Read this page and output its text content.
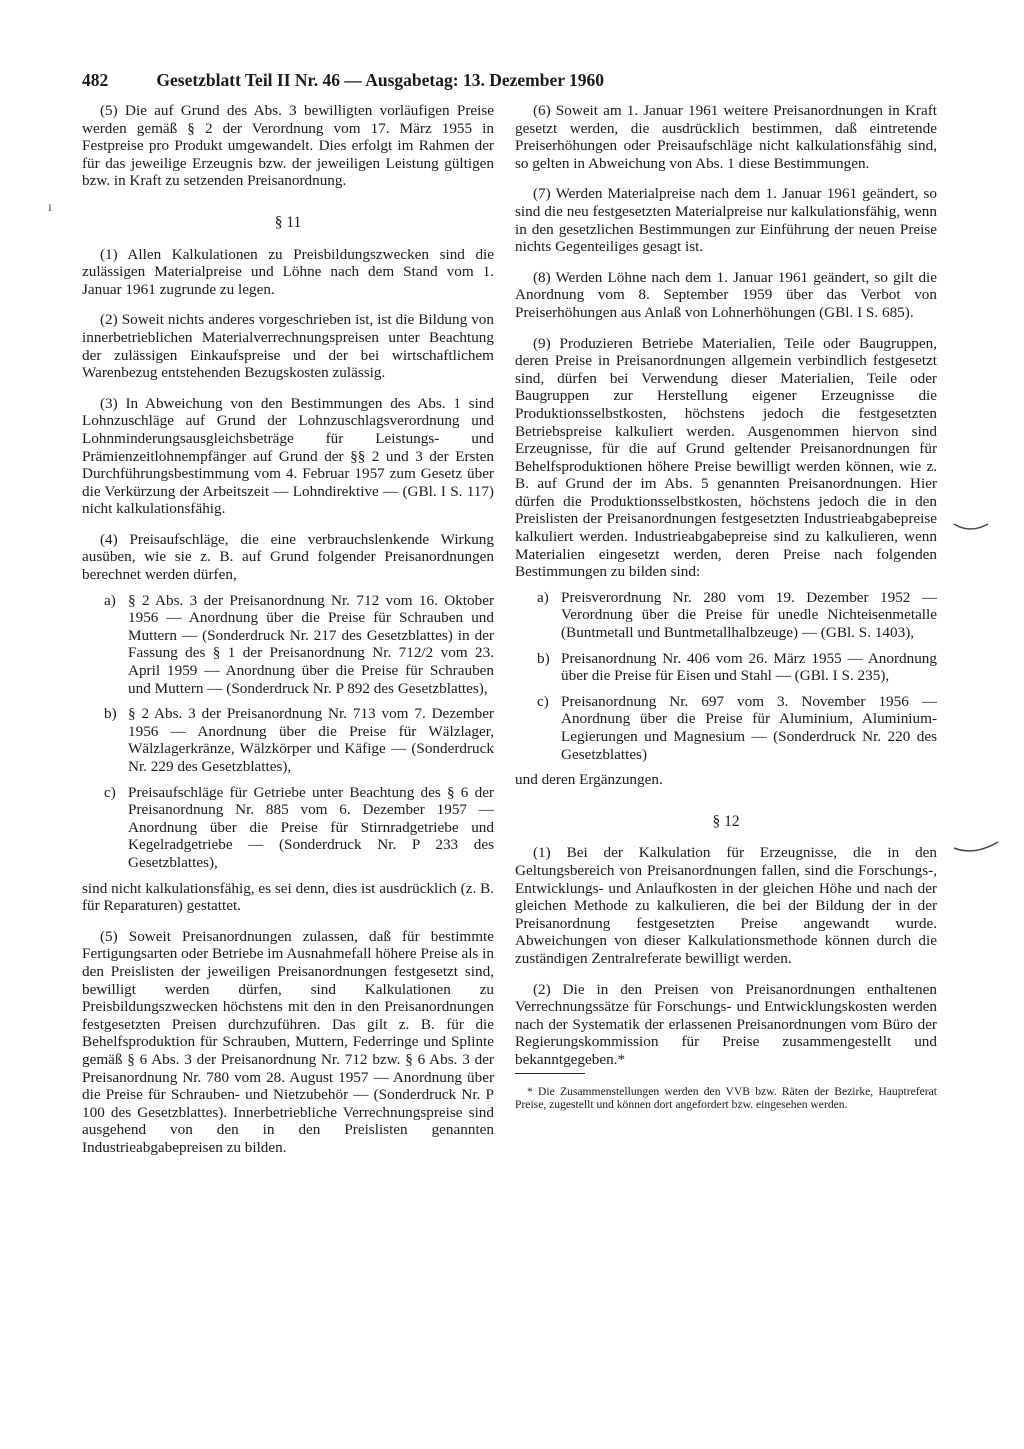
482	Gesetzblatt Teil II Nr. 46 — Ausgabetag: 13. Dezember 1960
ı

(5) Die auf Grund des Abs. 3 bewilligten vorläufigen Preise werden gemäß § 2 der Verordnung vom 17. März 1955 in Festpreise pro Produkt umgewandelt. Dies erfolgt im Rahmen der für das jeweilige Erzeugnis bzw. der jeweiligen Leistung gültigen bzw. in Kraft zu setzenden Preisanordnung.

§ 11

(1) Allen Kalkulationen zu Preisbildungszwecken sind die zulässigen Materialpreise und Löhne nach dem Stand vom 1. Januar 1961 zugrunde zu legen.

(2) Soweit nichts anderes vorgeschrieben ist, ist die Bildung von innerbetrieblichen Materialverrechnungspreisen unter Beachtung der zulässigen Einkaufspreise und der bei wirtschaftlichem Warenbezug entstehenden Bezugskosten zulässig.

(3) In Abweichung von den Bestimmungen des Abs. 1 sind Lohnzuschläge auf Grund der Lohnzuschlagsverordnung und Lohnminderungsausgleichsbeträge für Leistungs- und Prämienzeitlohnempfänger auf Grund der §§ 2 und 3 der Ersten Durchführungsbestimmung vom 4. Februar 1957 zum Gesetz über die Verkürzung der Arbeitszeit — Lohndirektive — (GBl. I S. 117) nicht kalkulationsfähig.

(4) Preisaufschläge, die eine verbrauchslenkende Wirkung ausüben, wie sie z. B. auf Grund folgender Preisanordnungen berechnet werden dürfen,

a) § 2 Abs. 3 der Preisanordnung Nr. 712 vom 16. Oktober 1956 — Anordnung über die Preise für Schrauben und Muttern — (Sonderdruck Nr. 217 des Gesetzblattes) in der Fassung des § 1 der Preisanordnung Nr. 712/2 vom 23. April 1959 — Anordnung über die Preise für Schrauben und Muttern — (Sonderdruck Nr. P 892 des Gesetzblattes),
b) § 2 Abs. 3 der Preisanordnung Nr. 713 vom 7. Dezember 1956 — Anordnung über die Preise für Wälzlager, Wälzlagerkränze, Wälzkörper und Käfige — (Sonderdruck Nr. 229 des Gesetzblattes),
c) Preisaufschläge für Getriebe unter Beachtung des § 6 der Preisanordnung Nr. 885 vom 6. Dezember 1957 — Anordnung über die Preise für Stirnradgetriebe und Kegelradgetriebe — (Sonderdruck Nr. P 233 des Gesetzblattes),

sind nicht kalkulationsfähig, es sei denn, dies ist ausdrücklich (z. B. für Reparaturen) gestattet.

(5) Soweit Preisanordnungen zulassen, daß für bestimmte Fertigungsarten oder Betriebe im Ausnahmefall höhere Preise als in den Preislisten der jeweiligen Preisanordnungen festgesetzt sind, bewilligt werden dürfen, sind Kalkulationen zu Preisbildungszwecken höchstens mit den in den Preisanordnungen festgesetzten Preisen durchzuführen. Das gilt z. B. für die Behelfsproduktion für Schrauben, Muttern, Federringe und Splinte gemäß § 6 Abs. 3 der Preisanordnung Nr. 712 bzw. § 6 Abs. 3 der Preisanordnung Nr. 780 vom 28. August 1957 — Anordnung über die Preise für Schrauben- und Nietzubehör — (Sonderdruck Nr. P 100 des Gesetzblattes). Innerbetriebliche Verrechnungspreise sind ausgehend von den in den Preislisten genannten Industrieabgabepreisen zu bilden.

(6) Soweit am 1. Januar 1961 weitere Preisanordnungen in Kraft gesetzt werden, die ausdrücklich bestimmen, daß eintretende Preiserhöhungen oder Preisaufschläge nicht kalkulationsfähig sind, so gelten in Abweichung von Abs. 1 diese Bestimmungen.

(7) Werden Materialpreise nach dem 1. Januar 1961 geändert, so sind die neu festgesetzten Materialpreise nur kalkulationsfähig, wenn in den gesetzlichen Bestimmungen zur Einführung der neuen Preise nichts Gegenteiliges gesagt ist.

(8) Werden Löhne nach dem 1. Januar 1961 geändert, so gilt die Anordnung vom 8. September 1959 über das Verbot von Preiserhöhungen aus Anlaß von Lohnerhöhungen (GBl. I S. 685).

(9) Produzieren Betriebe Materialien, Teile oder Baugruppen, deren Preise in Preisanordnungen allgemein verbindlich festgesetzt sind, dürfen bei Verwendung dieser Materialien, Teile oder Baugruppen zur Herstellung eigener Erzeugnisse die Produktionsselbstkosten, höchstens jedoch die festgesetzten Betriebspreise kalkuliert werden. Ausgenommen hiervon sind Erzeugnisse, für die auf Grund geltender Preisanordnungen für Behelfsproduktionen höhere Preise bewilligt werden können, wie z. B. auf Grund der im Abs. 5 genannten Preisanordnungen. Hier dürfen die Produktionsselbstkosten, höchstens jedoch die in den Preislisten der Preisanordnungen festgesetzten Industrieabgabepreise kalkuliert werden. Industrieabgabepreise sind zu kalkulieren, wenn Materialien eingesetzt werden, deren Preise nach folgenden Bestimmungen zu bilden sind:

a) Preisverordnung Nr. 280 vom 19. Dezember 1952 — Verordnung über die Preise für unedle Nichteisenmetalle (Buntmetall und Buntmetallhalbzeuge) — (GBl. S. 1403),
b) Preisanordnung Nr. 406 vom 26. März 1955 — Anordnung über die Preise für Eisen und Stahl — (GBl. I S. 235),
c) Preisanordnung Nr. 697 vom 3. November 1956 — Anordnung über die Preise für Aluminium, Aluminium-Legierungen und Magnesium — (Sonderdruck Nr. 220 des Gesetzblattes)

und deren Ergänzungen.

§ 12

(1) Bei der Kalkulation für Erzeugnisse, die in den Geltungsbereich von Preisanordnungen fallen, sind die Forschungs-, Entwicklungs- und Anlaufkosten in der gleichen Höhe und nach der gleichen Methode zu kalkulieren, die bei der Bildung der in der Preisanordnung festgesetzten Preise angewandt wurde. Abweichungen von dieser Kalkulationsmethode können durch die zuständigen Zentralreferate bewilligt werden.

(2) Die in den Preisen von Preisanordnungen enthaltenen Verrechnungssätze für Forschungs- und Entwicklungskosten werden nach der Systematik der erlassenen Preisanordnungen vom Büro der Regierungskommission für Preise zusammengestellt und bekanntgegeben.*

* Die Zusammenstellungen werden den VVB bzw. Räten der Bezirke, Hauptreferat Preise, zugestellt und können dort angefordert bzw. eingesehen werden.
